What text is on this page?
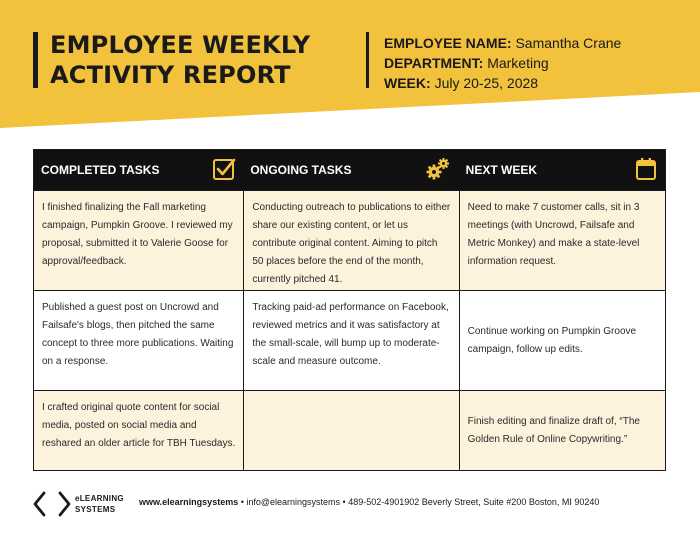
EMPLOYEE WEEKLY
ACTIVITY REPORT
EMPLOYEE NAME: Samantha Crane
DEPARTMENT: Marketing
WEEK: July 20-25, 2028
COMPLETED TASKS	ONGOING TASKS	NEXT WEEK
I finished finalizing the Fall marketing campaign, Pumpkin Groove. I reviewed my proposal, submitted it to Valerie Goose for approval/feedback.
Conducting outreach to publications to either share our existing content, or let us contribute original content. Aiming to pitch 50 places before the end of the month, currently pitched 41.
Need to make 7 customer calls, sit in 3 meetings (with Uncrowd, Failsafe and Metric Monkey) and make a state-level information request.
Published a guest post on Uncrowd and Failsafe's blogs, then pitched the same concept to three more publications. Waiting on a response.
Tracking paid-ad performance on Facebook, reviewed metrics and it was satisfactory at the small-scale, will bump up to moderate-scale and measure outcome.
Continue working on Pumpkin Groove campaign, follow up edits.
I crafted original quote content for social media, posted on social media and reshared an older article for TBH Tuesdays.
Finish editing and finalize draft of, “The Golden Rule of Online Copywriting.”
eLEARNING
SYSTEMS
www.elearningsystems • info@elearningsystems • 489-502-4901902 Beverly Street, Suite #200 Boston, MI 90240
